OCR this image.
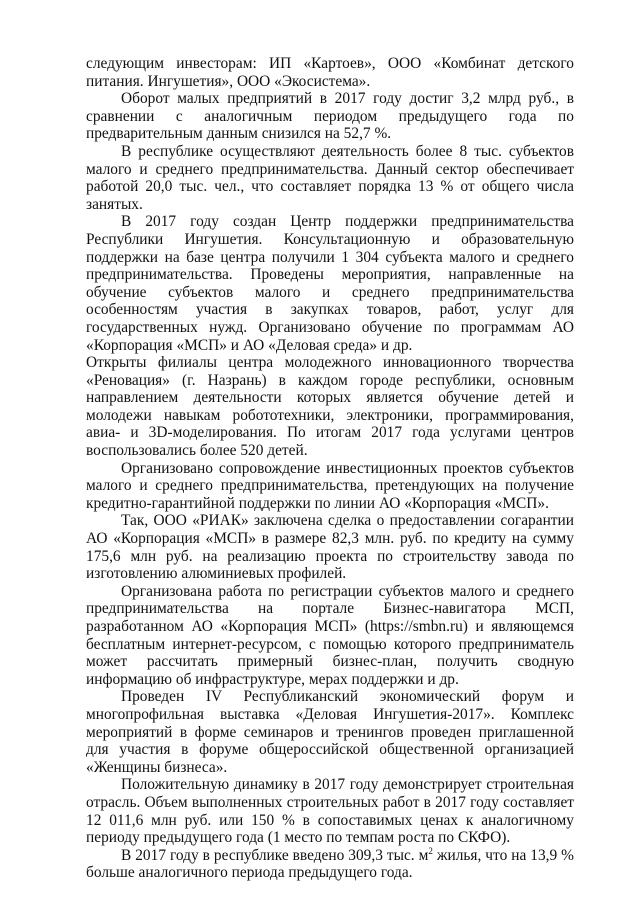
следующим инвесторам: ИП «Картоев», ООО «Комбинат детского питания. Ингушетия», ООО «Экосистема».

Оборот малых предприятий в 2017 году достиг 3,2 млрд руб., в сравнении с аналогичным периодом предыдущего года по предварительным данным снизился на 52,7 %.

В республике осуществляют деятельность более 8 тыс. субъектов малого и среднего предпринимательства. Данный сектор обеспечивает работой 20,0 тыс. чел., что составляет порядка 13 % от общего числа занятых.

В 2017 году создан Центр поддержки предпринимательства Республики Ингушетия. Консультационную и образовательную поддержки на базе центра получили 1 304 субъекта малого и среднего предпринимательства. Проведены мероприятия, направленные на обучение субъектов малого и среднего предпринимательства особенностям участия в закупках товаров, работ, услуг для государственных нужд. Организовано обучение по программам АО «Корпорация «МСП» и АО «Деловая среда» и др.

Открыты филиалы центра молодежного инновационного творчества «Реновация» (г. Назрань) в каждом городе республики, основным направлением деятельности которых является обучение детей и молодежи навыкам робототехники, электроники, программирования, авиа- и 3D-моделирования. По итогам 2017 года услугами центров воспользовались более 520 детей.

Организовано сопровождение инвестиционных проектов субъектов малого и среднего предпринимательства, претендующих на получение кредитно-гарантийной поддержки по линии АО «Корпорация «МСП».

Так, ООО «РИАК» заключена сделка о предоставлении согарантии АО «Корпорация «МСП» в размере 82,3 млн. руб. по кредиту на сумму 175,6 млн руб. на реализацию проекта по строительству завода по изготовлению алюминиевых профилей.

Организована работа по регистрации субъектов малого и среднего предпринимательства на портале Бизнес-навигатора МСП, разработанном АО «Корпорация МСП» (https://smbn.ru) и являющемся бесплатным интернет-ресурсом, с помощью которого предприниматель может рассчитать примерный бизнес-план, получить сводную информацию об инфраструктуре, мерах поддержки и др.

Проведен IV Республиканский экономический форум и многопрофильная выставка «Деловая Ингушетия-2017». Комплекс мероприятий в форме семинаров и тренингов проведен приглашенной для участия в форуме общероссийской общественной организацией «Женщины бизнеса».

Положительную динамику в 2017 году демонстрирует строительная отрасль. Объем выполненных строительных работ в 2017 году составляет 12 011,6 млн руб. или 150 % в сопоставимых ценах к аналогичному периоду предыдущего года (1 место по темпам роста по СКФО).

В 2017 году в республике введено 309,3 тыс. $м^2$ жилья, что на 13,9 % больше аналогичного периода предыдущего года.
